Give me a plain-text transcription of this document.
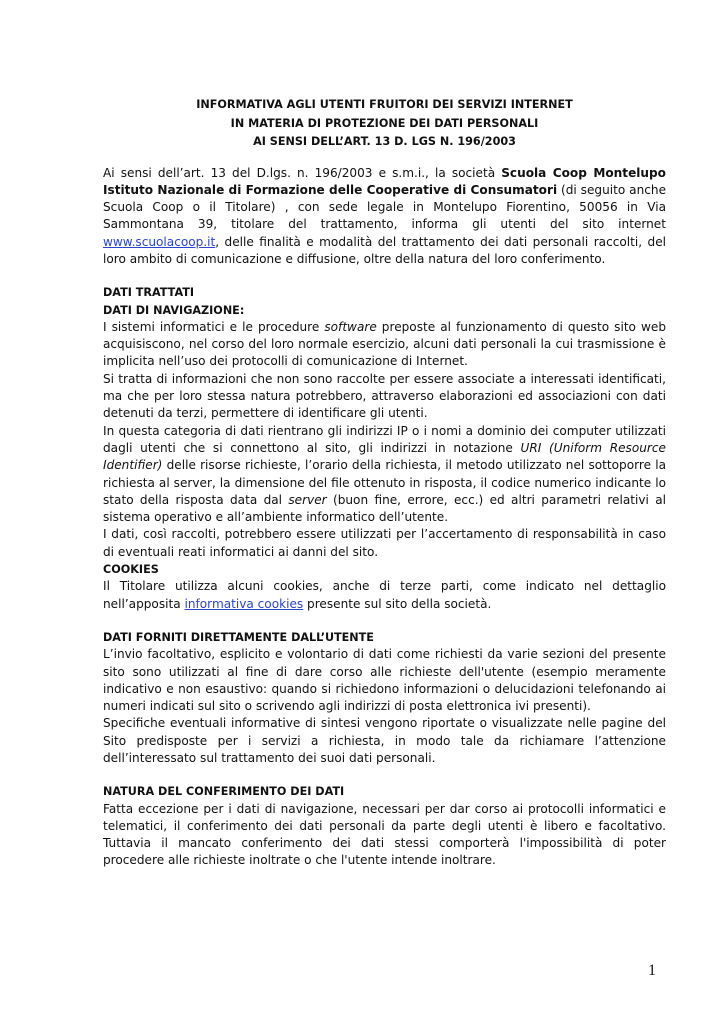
INFORMATIVA AGLI UTENTI FRUITORI DEI SERVIZI INTERNET
IN MATERIA DI PROTEZIONE DEI DATI PERSONALI
AI SENSI DELL’ART. 13 D. LGS N. 196/2003

Ai sensi dell’art. 13 del D.lgs. n. 196/2003 e s.m.i., la società Scuola Coop Montelupo Istituto Nazionale di Formazione delle Cooperative di Consumatori (di seguito anche Scuola Coop o il Titolare) , con sede legale in Montelupo Fiorentino, 50056 in Via Sammontana 39, titolare del trattamento, informa gli utenti del sito internet www.scuolacoop.it, delle finalità e modalità del trattamento dei dati personali raccolti, del loro ambito di comunicazione e diffusione, oltre della natura del loro conferimento.

DATI TRATTATI
DATI DI NAVIGAZIONE:

I sistemi informatici e le procedure software preposte al funzionamento di questo sito web acquisiscono, nel corso del loro normale esercizio, alcuni dati personali la cui trasmissione è implicita nell’uso dei protocolli di comunicazione di Internet.

Si tratta di informazioni che non sono raccolte per essere associate a interessati identificati, ma che per loro stessa natura potrebbero, attraverso elaborazioni ed associazioni con dati detenuti da terzi, permettere di identificare gli utenti.

In questa categoria di dati rientrano gli indirizzi IP o i nomi a dominio dei computer utilizzati dagli utenti che si connettono al sito, gli indirizzi in notazione URI (Uniform Resource Identifier) delle risorse richieste, l’orario della richiesta, il metodo utilizzato nel sottoporre la richiesta al server, la dimensione del file ottenuto in risposta, il codice numerico indicante lo stato della risposta data dal server (buon fine, errore, ecc.) ed altri parametri relativi al sistema operativo e all’ambiente informatico dell’utente.

I dati, così raccolti, potrebbero essere utilizzati per l’accertamento di responsabilità in caso di eventuali reati informatici ai danni del sito.

COOKIES

Il Titolare utilizza alcuni cookies, anche di terze parti, come indicato nel dettaglio nell’apposita informativa cookies presente sul sito della società.

DATI FORNITI DIRETTAMENTE DALL’UTENTE

L’invio facoltativo, esplicito e volontario di dati come richiesti da varie sezioni del presente sito sono utilizzati al fine di dare corso alle richieste dell'utente (esempio meramente indicativo e non esaustivo: quando si richiedono informazioni o delucidazioni telefonando ai numeri indicati sul sito o scrivendo agli indirizzi di posta elettronica ivi presenti).

Specifiche eventuali informative di sintesi vengono riportate o visualizzate nelle pagine del Sito predisposte per i servizi a richiesta, in modo tale da richiamare l’attenzione dell’interessato sul trattamento dei suoi dati personali.

NATURA DEL CONFERIMENTO DEI DATI

Fatta eccezione per i dati di navigazione, necessari per dar corso ai protocolli informatici e telematici, il conferimento dei dati personali da parte degli utenti è libero e facoltativo. Tuttavia il mancato conferimento dei dati stessi comporterà l'impossibilità di poter procedere alle richieste inoltrate o che l'utente intende inoltrare.

1
